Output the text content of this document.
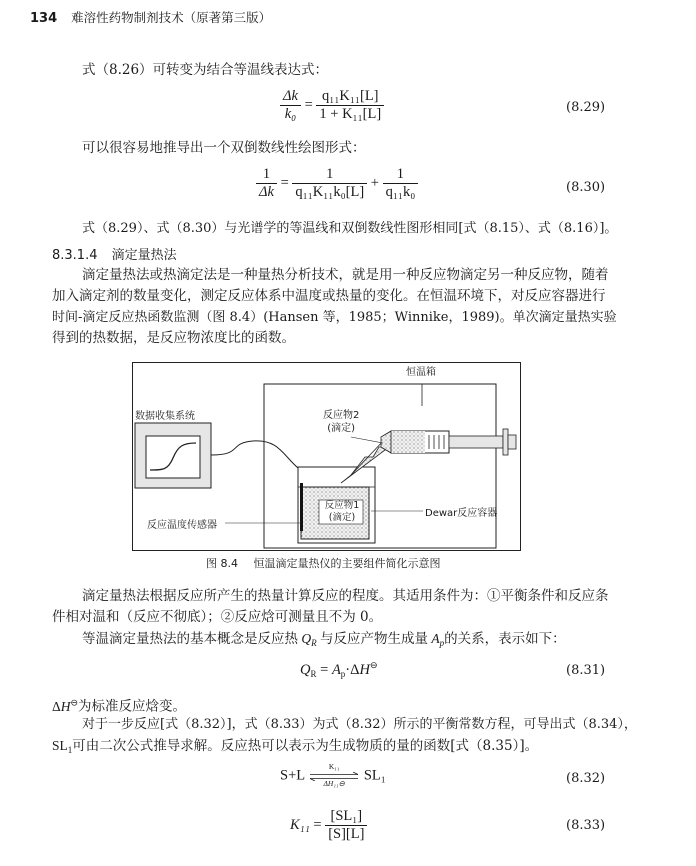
134 难溶性药物制剂技术（原著第三版）
式（8.26）可转变为结合等温线表达式：
$\frac{\Delta k}{\text{k₀}} = \frac{\text{q₁₁K₁₁[L]}}{\text{1 + K₁₁[L]}}$	(8.29)
可以很容易地推导出一个双倒数线性绘图形式：
$\frac{1}{\Delta k} = \frac{1}{\text{q₁₁K₁₁k₀[L]}} + \frac{1}{\text{q₁₁k₀}}$	(8.30)
式（8.29）、式（8.30）与光谱学的等温线和双倒数线性图形相同[式（8.15）、式（8.16）]。
8.3.1.4 滴定量热法
滴定量热法或热滴定法是一种量热分析技术，就是用一种反应物滴定另一种反应物，随着
加入滴定剂的数量变化，测定反应体系中温度或热量的变化。在恒温环境下，对反应容器进行
时间-滴定反应热函数监测（图 8.4）(Hansen 等，1985；Winnike，1989)。单次滴定量热实验
得到的热数据，是反应物浓度比的函数。
恒温箱
数据收集系统	反应物2
(滴定)
反应物1
(滴定)	Dewar反应容器
反应温度传感器
图 8.4 恒温滴定量热仪的主要组件简化示意图
滴定量热法根据反应所产生的热量计算反应的程度。其适用条件为：①平衡条件和反应条
件相对温和（反应不彻底）；②反应焓可测量且不为 0。
等温滴定量热法的基本概念是反应热 $Q_R$ 与反应产物生成量 $A_p$的关系，表示如下：
$Q_R = A_p\cdot\Delta H^⊖$	(8.31)
ΔH⊖为标准反应焓变。
对于一步反应[式（8.32）]，式（8.33）为式（8.32）所示的平衡常数方程，可导出式（8.34），
$SL_1$可由二次公式推导求解。反应热可以表示为生成物质的量的函数[式（8.35）]。
S+L
K₁₁
ΔH₁₁⊖
SL₁	(8.32)
$K_{11} = \frac{\text{[SL₁]}}{[S][L]}$	(8.33)
